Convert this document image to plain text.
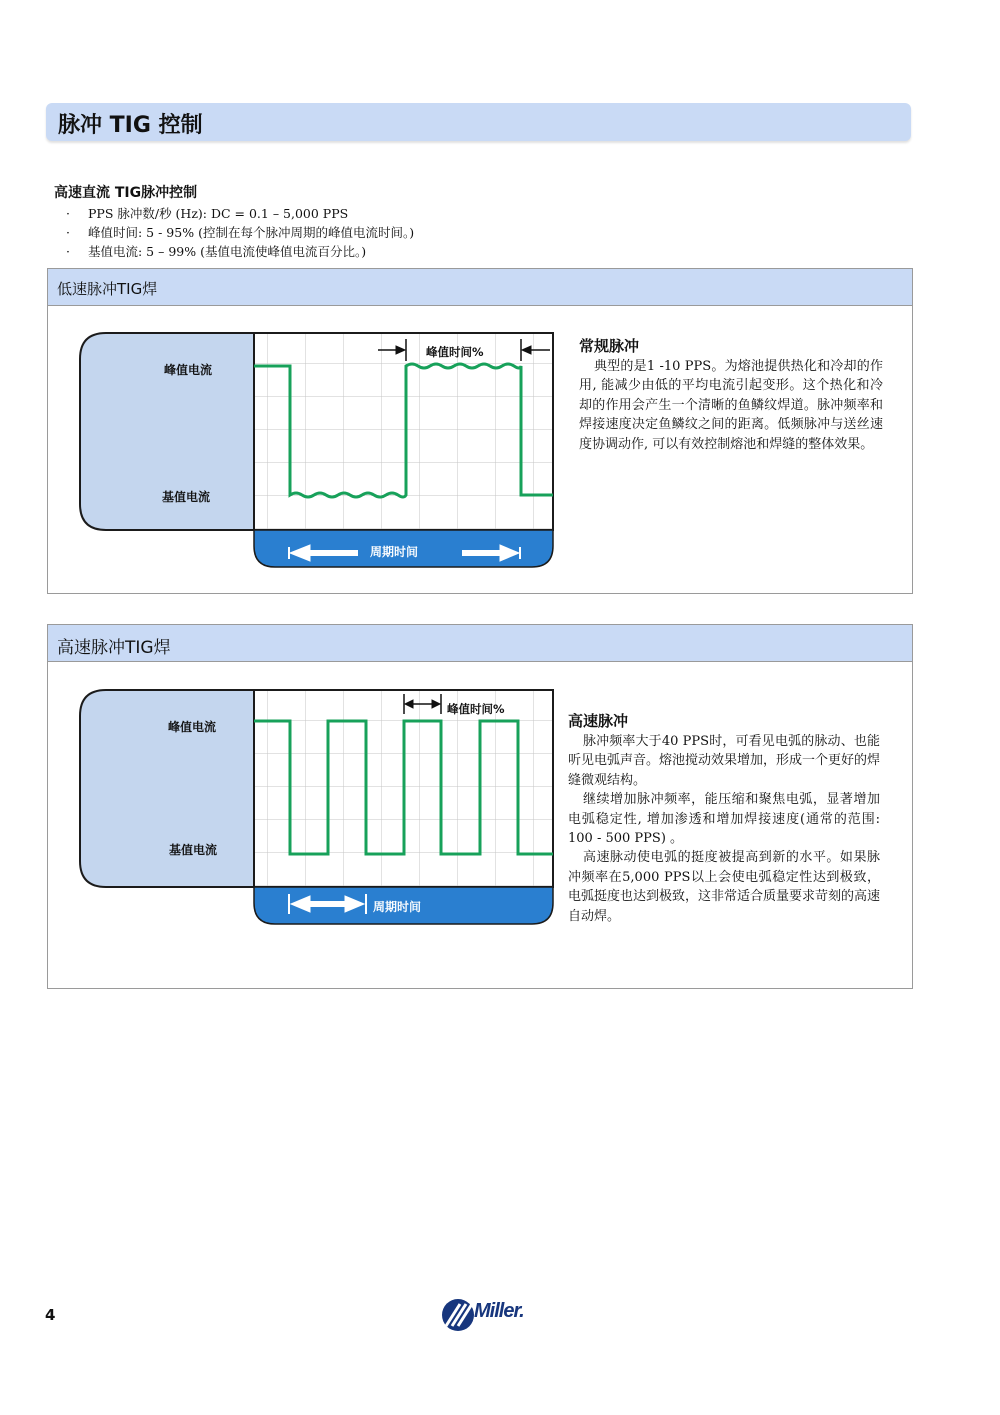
脉冲 TIG 控制
高速直流 TIG脉冲控制
· PPS 脉冲数/秒 (Hz): DC = 0.1 – 5,000 PPS
· 峰值时间: 5 - 95% (控制在每个脉冲周期的峰值电流时间。)
· 基值电流: 5 – 99% (基值电流使峰值电流百分比。)
低速脉冲TIG焊
峰值电流
基值电流
峰值时间%
周期时间
常规脉冲

典型的是1 -10 PPS。为熔池提供热化和冷却的作用, 能减少由低的平均电流引起变形。这个热化和冷却的作用会产生一个清晰的鱼鳞纹焊道。脉冲频率和焊接速度决定鱼鳞纹之间的距离。低频脉冲与送丝速度协调动作, 可以有效控制熔池和焊缝的整体效果。

高速脉冲TIG焊
峰值电流
基值电流
峰值时间%
周期时间
高速脉冲

脉冲频率大于40 PPS时，可看见电弧的脉动、也能听见电弧声音。熔池搅动效果增加，形成一个更好的焊缝微观结构。

继续增加脉冲频率，能压缩和聚焦电弧，显著增加电弧稳定性, 增加渗透和增加焊接速度(通常的范围: 100 - 500 PPS) 。

高速脉动使电弧的挺度被提高到新的水平。如果脉冲频率在5,000 PPS以上会使电弧稳定性达到极致，电弧挺度也达到极致，这非常适合质量要求苛刻的高速自动焊。

4	Miller.
